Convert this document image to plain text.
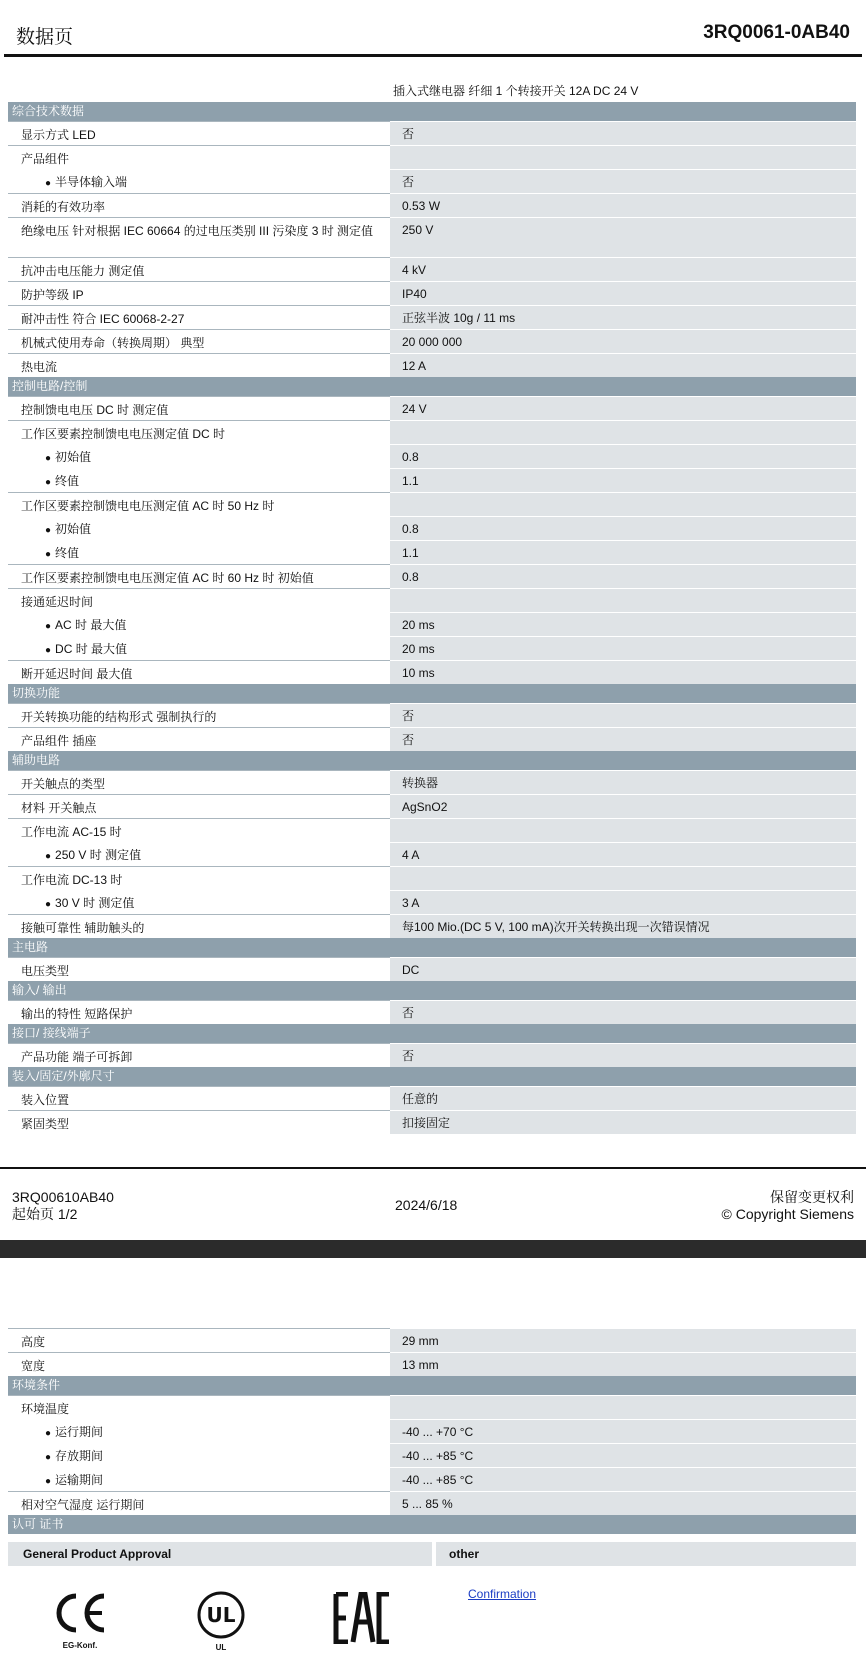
数据页	3RQ0061-0AB40
插入式继电器 纤细 1 个转接开关 12A DC 24 V
综合技术数据
显示方式 LED	否
产品组件
● 半导体输入端	否
消耗的有效功率	0.53 W
绝缘电压 针对根据 IEC 60664 的过电压类别 III 污染度 3 时 测定值	250 V
抗冲击电压能力 测定值	4 kV
防护等级 IP	IP40
耐冲击性 符合 IEC 60068-2-27	正弦半波 10g / 11 ms
机械式使用寿命（转换周期） 典型	20 000 000
热电流	12 A
控制电路/控制
控制馈电电压 DC 时 测定值	24 V
工作区要素控制馈电电压测定值 DC 时
● 初始值	0.8
● 终值	1.1
工作区要素控制馈电电压测定值 AC 时 50 Hz 时
● 初始值	0.8
● 终值	1.1
工作区要素控制馈电电压测定值 AC 时 60 Hz 时 初始值	0.8
接通延迟时间
● AC 时 最大值	20 ms
● DC 时 最大值	20 ms
断开延迟时间 最大值	10 ms
切换功能
开关转换功能的结构形式 强制执行的	否
产品组件 插座	否
辅助电路
开关触点的类型	转换器
材料 开关触点	AgSnO2
工作电流 AC-15 时
● 250 V 时 测定值	4 A
工作电流 DC-13 时
● 30 V 时 测定值	3 A
接触可靠性 辅助触头的	每100 Mio.(DC 5 V, 100 mA)次开关转换出现一次错误情况
主电路
电压类型	DC
输入/ 输出
输出的特性 短路保护	否
接口/ 接线端子
产品功能 端子可拆卸	否
装入/固定/外廓尺寸
装入位置	任意的
紧固类型	扣接固定
3RQ00610AB40
起始页 1/2
2024/6/18	保留变更权利
© Copyright Siemens
高度	29 mm
宽度	13 mm
环境条件
环境温度
● 运行期间	-40 ... +70 °C
● 存放期间	-40 ... +85 °C
● 运输期间	-40 ... +85 °C
相对空气湿度 运行期间	5 ... 85 %
认可 证书
General Product Approval	other
EG-Konf.
UL
UL
Confirmation
